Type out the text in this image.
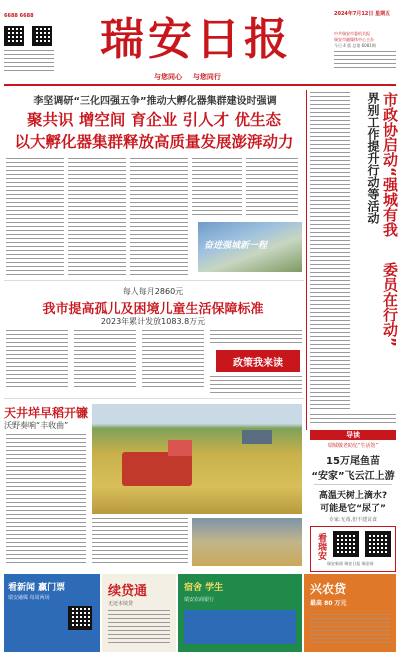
6688 6688 瑞安日报
与您同心 与您同行
2024年7月12日 星期五
中共瑞安市委机关报
瑞安市融媒体中心主办
今日 4 版 总第 6081期
李坚调研“三化四强五争”推动大孵化器集群建设时强调
聚共识 增空间 育企业 引人才 优生态
以大孵化器集群释放高质量发展澎湃动力
奋进强城新一程
市政协启动“强城有我
委员在行动”
界别工作提升行动等活动
每人每月2860元
我市提高孤儿及困境儿童生活保障标准
2023年累计发放1083.8万元
政策我来读
天井垟早稻开镰
沃野奏响“丰收曲”
导读
瑞城敬老助忆“生活馆”
15万尾鱼苗
“安家”飞云江上游
高温天树上滴水?
可能是它“尿了”
专家:无毒,但不建议食
看瑞安
瑞安新闻 瑞安日报 瑞安网
看新闻 赢门票
瑞安融媒 每周两场	续贷通
无还本续贷
宿舍 学生
瑞安农商银行
兴农贷
最高 80 万元
